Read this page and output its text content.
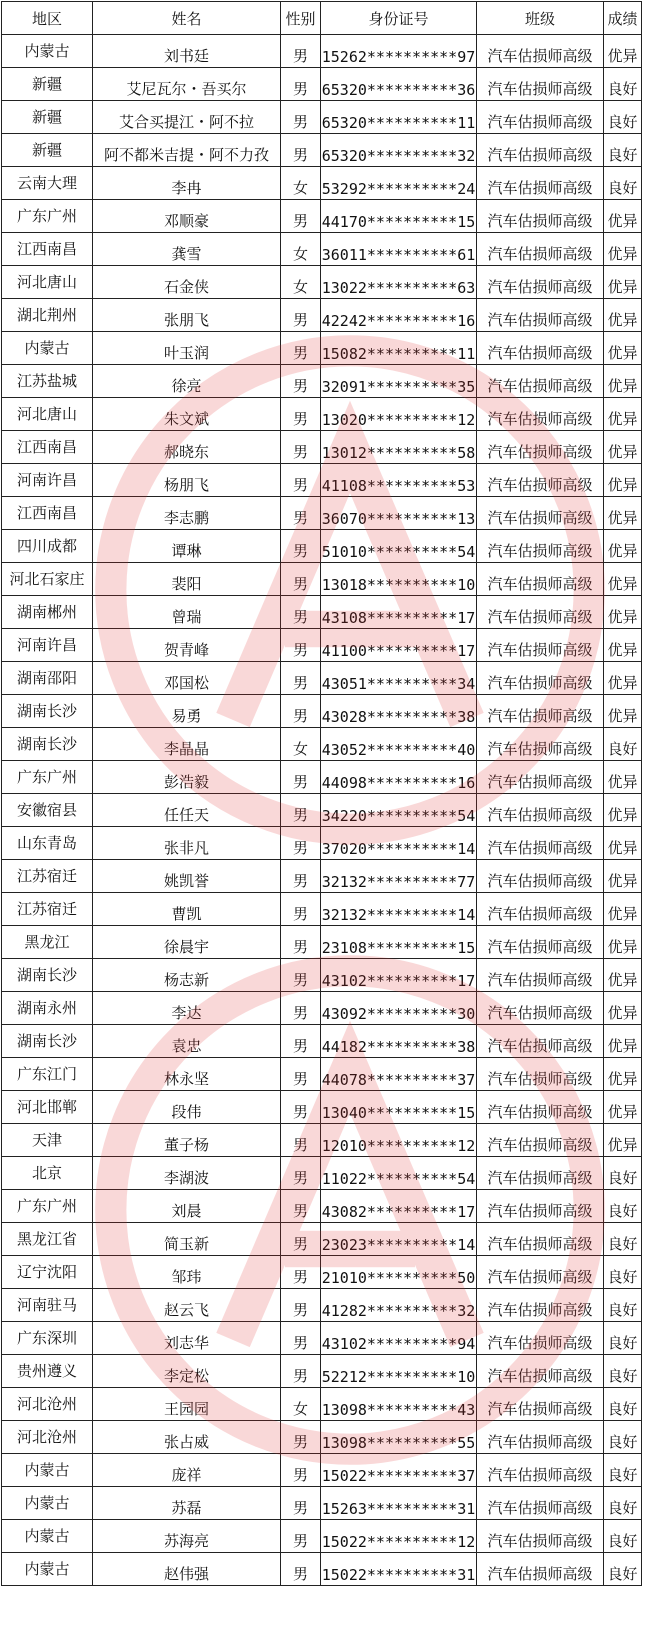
地区	姓名	性别	身份证号	班级	成绩

内蒙古	刘书廷	男	15262**********97	汽车估损师高级	优异

新疆	艾尼瓦尔・吾买尔	男	65320**********36	汽车估损师高级	良好

新疆	艾合买提江・阿不拉	男	65320**********11	汽车估损师高级	良好

新疆	阿不都米吉提・阿不力孜	男	65320**********32	汽车估损师高级	良好

云南大理	李冉	女	53292**********24	汽车估损师高级	良好

广东广州	邓顺豪	男	44170**********15	汽车估损师高级	优异

江西南昌	龚雪	女	36011**********61	汽车估损师高级	优异

河北唐山	石金侠	女	13022**********63	汽车估损师高级	优异

湖北荆州	张朋飞	男	42242**********16	汽车估损师高级	优异

内蒙古	叶玉润	男	15082**********11	汽车估损师高级	优异

江苏盐城	徐亮	男	32091**********35	汽车估损师高级	优异

河北唐山	朱文斌	男	13020**********12	汽车估损师高级	优异

江西南昌	郝晓东	男	13012**********58	汽车估损师高级	优异

河南许昌	杨朋飞	男	41108**********53	汽车估损师高级	优异

江西南昌	李志鹏	男	36070**********13	汽车估损师高级	优异

四川成都	谭琳	男	51010**********54	汽车估损师高级	优异

河北石家庄	裴阳	男	13018**********10	汽车估损师高级	优异

湖南郴州	曾瑞	男	43108**********17	汽车估损师高级	优异

河南许昌	贺青峰	男	41100**********17	汽车估损师高级	优异

湖南邵阳	邓国松	男	43051**********34	汽车估损师高级	优异

湖南长沙	易勇	男	43028**********38	汽车估损师高级	优异

湖南长沙	李晶晶	女	43052**********40	汽车估损师高级	良好

广东广州	彭浩毅	男	44098**********16	汽车估损师高级	优异

安徽宿县	任任天	男	34220**********54	汽车估损师高级	优异

山东青岛	张非凡	男	37020**********14	汽车估损师高级	优异

江苏宿迁	姚凯誉	男	32132**********77	汽车估损师高级	优异

江苏宿迁	曹凯	男	32132**********14	汽车估损师高级	优异

黑龙江	徐晨宇	男	23108**********15	汽车估损师高级	优异

湖南长沙	杨志新	男	43102**********17	汽车估损师高级	优异

湖南永州	李达	男	43092**********30	汽车估损师高级	优异

湖南长沙	袁忠	男	44182**********38	汽车估损师高级	优异

广东江门	林永坚	男	44078**********37	汽车估损师高级	优异

河北邯郸	段伟	男	13040**********15	汽车估损师高级	优异

天津	董子杨	男	12010**********12	汽车估损师高级	优异

北京	李湖波	男	11022**********54	汽车估损师高级	良好

广东广州	刘晨	男	43082**********17	汽车估损师高级	良好

黑龙江省	简玉新	男	23023**********14	汽车估损师高级	良好

辽宁沈阳	邹玮	男	21010**********50	汽车估损师高级	良好

河南驻马	赵云飞	男	41282**********32	汽车估损师高级	良好

广东深圳	刘志华	男	43102**********94	汽车估损师高级	良好

贵州遵义	李定松	男	52212**********10	汽车估损师高级	良好

河北沧州	王园园	女	13098**********43	汽车估损师高级	良好

河北沧州	张占威	男	13098**********55	汽车估损师高级	良好

内蒙古	庞祥	男	15022**********37	汽车估损师高级	良好

内蒙古	苏磊	男	15263**********31	汽车估损师高级	良好

内蒙古	苏海亮	男	15022**********12	汽车估损师高级	良好

内蒙古	赵伟强	男	15022**********31	汽车估损师高级	良好
